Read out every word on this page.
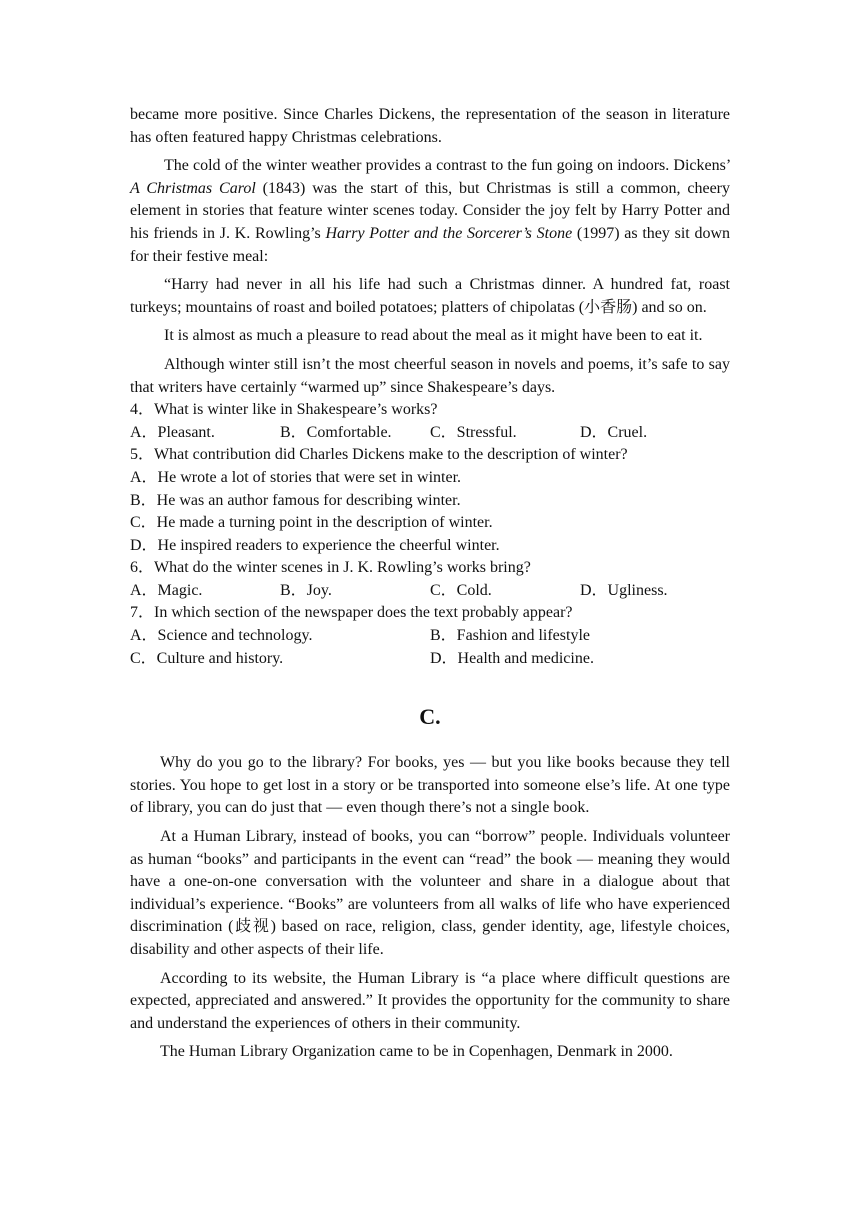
became more positive. Since Charles Dickens, the representation of the season in literature has often featured happy Christmas celebrations.

The cold of the winter weather provides a contrast to the fun going on indoors. Dickens’ A Christmas Carol (1843) was the start of this, but Christmas is still a common, cheery element in stories that feature winter scenes today. Consider the joy felt by Harry Potter and his friends in J. K. Rowling’s Harry Potter and the Sorcerer’s Stone (1997) as they sit down for their festive meal:

“Harry had never in all his life had such a Christmas dinner. A hundred fat, roast turkeys; mountains of roast and boiled potatoes; platters of chipolatas (小香肠) and so on.

It is almost as much a pleasure to read about the meal as it might have been to eat it.

Although winter still isn’t the most cheerful season in novels and poems, it’s safe to say that writers have certainly “warmed up” since Shakespeare’s days.

4．What is winter like in Shakespeare’s works?
A．Pleasant.	B．Comfortable.	C．Stressful.	D．Cruel.
5．What contribution did Charles Dickens make to the description of winter?
A．He wrote a lot of stories that were set in winter.
B．He was an author famous for describing winter.
C．He made a turning point in the description of winter.
D．He inspired readers to experience the cheerful winter.
6．What do the winter scenes in J. K. Rowling’s works bring?
A．Magic.	B．Joy.	C．Cold.	D．Ugliness.
7．In which section of the newspaper does the text probably appear?
A．Science and technology.	B．Fashion and lifestyle
C．Culture and history.	D．Health and medicine.
C.

Why do you go to the library? For books, yes — but you like books because they tell stories. You hope to get lost in a story or be transported into someone else’s life. At one type of library, you can do just that — even though there’s not a single book.

At a Human Library, instead of books, you can “borrow” people. Individuals volunteer as human “books” and participants in the event can “read” the book — meaning they would have a one-on-one conversation with the volunteer and share in a dialogue about that individual’s experience. “Books” are volunteers from all walks of life who have experienced discrimination (歧视) based on race, religion, class, gender identity, age, lifestyle choices, disability and other aspects of their life.

According to its website, the Human Library is “a place where difficult questions are expected, appreciated and answered.” It provides the opportunity for the community to share and understand the experiences of others in their community.

The Human Library Organization came to be in Copenhagen, Denmark in 2000.
